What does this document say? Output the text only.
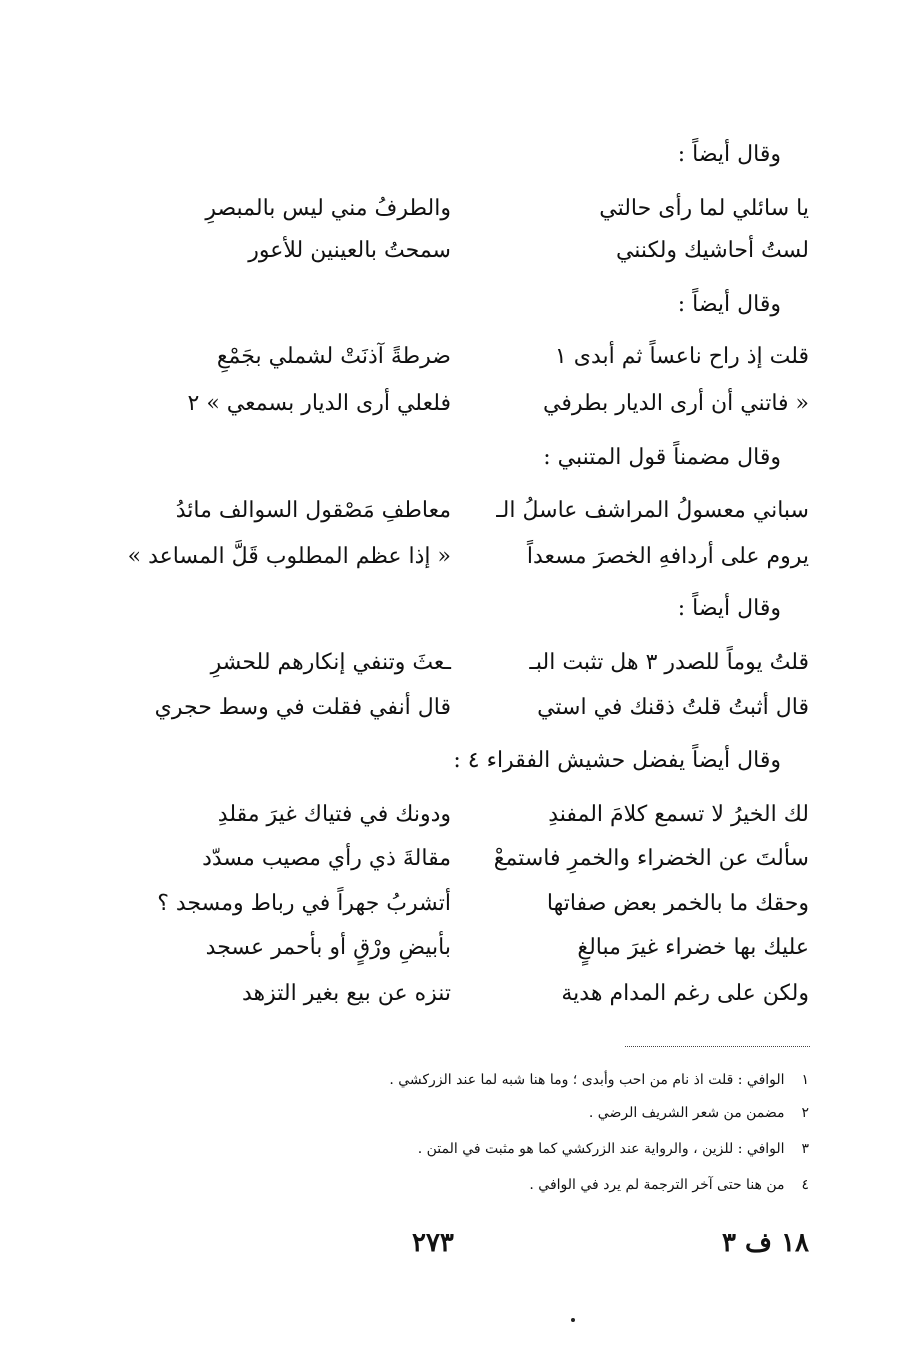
وقال أيضاً :
يا سائلي لما رأى حالتي
والطرفُ مني ليس بالمبصرِ
لستُ أحاشيك ولكنني
سمحتُ بالعينين للأعور
وقال أيضاً :
قلت إذ راح ناعساً ثم أبدى ١
ضرطةً آذنَتْ لشملي بجَمْعِ
« فاتني أن أرى الديار بطرفي
فلعلي أرى الديار بسمعي » ٢
وقال مضمناً قول المتنبي :
سباني معسولُ المراشف عاسلُ الـ
معاطفِ مَصْقول السوالف مائدُ
يروم على أردافهِ الخصرَ مسعداً
« إذا عظم المطلوب قَلَّ المساعد »
وقال أيضاً :
قلتُ يوماً للصدر ٣ هل تثبت البـ
ـعثَ وتنفي إنكارهم للحشرِ
قال أثبتُ قلتُ ذقنك في استي
قال أنفي فقلت في وسط حجري
وقال أيضاً يفضل حشيش الفقراء ٤ :
لك الخيرُ لا تسمع كلامَ المفندِ
ودونك في فتياك غيرَ مقلدِ
سألتَ عن الخضراء والخمرِ فاستمعْ
مقالةَ ذي رأي مصيب مسدّد
وحقك ما بالخمر بعض صفاتها
أتشربُ جهراً في رباط ومسجد ؟
عليك بها خضراء غيرَ مبالغٍ
بأبيضِ ورْقٍ أو بأحمر عسجد
ولكن على رغم المدام هدية
تنزه عن بيع بغير التزهد
١ الوافي : قلت اذ نام من احب وأبدى ؛ وما هنا شبه لما عند الزركشي .
٢ مضمن من شعر الشريف الرضي .
٣ الوافي : للزين ، والرواية عند الزركشي كما هو مثبت في المتن .
٤ من هنا حتى آخر الترجمة لم يرد في الوافي .
١٨ ف ٣
٢٧٣
